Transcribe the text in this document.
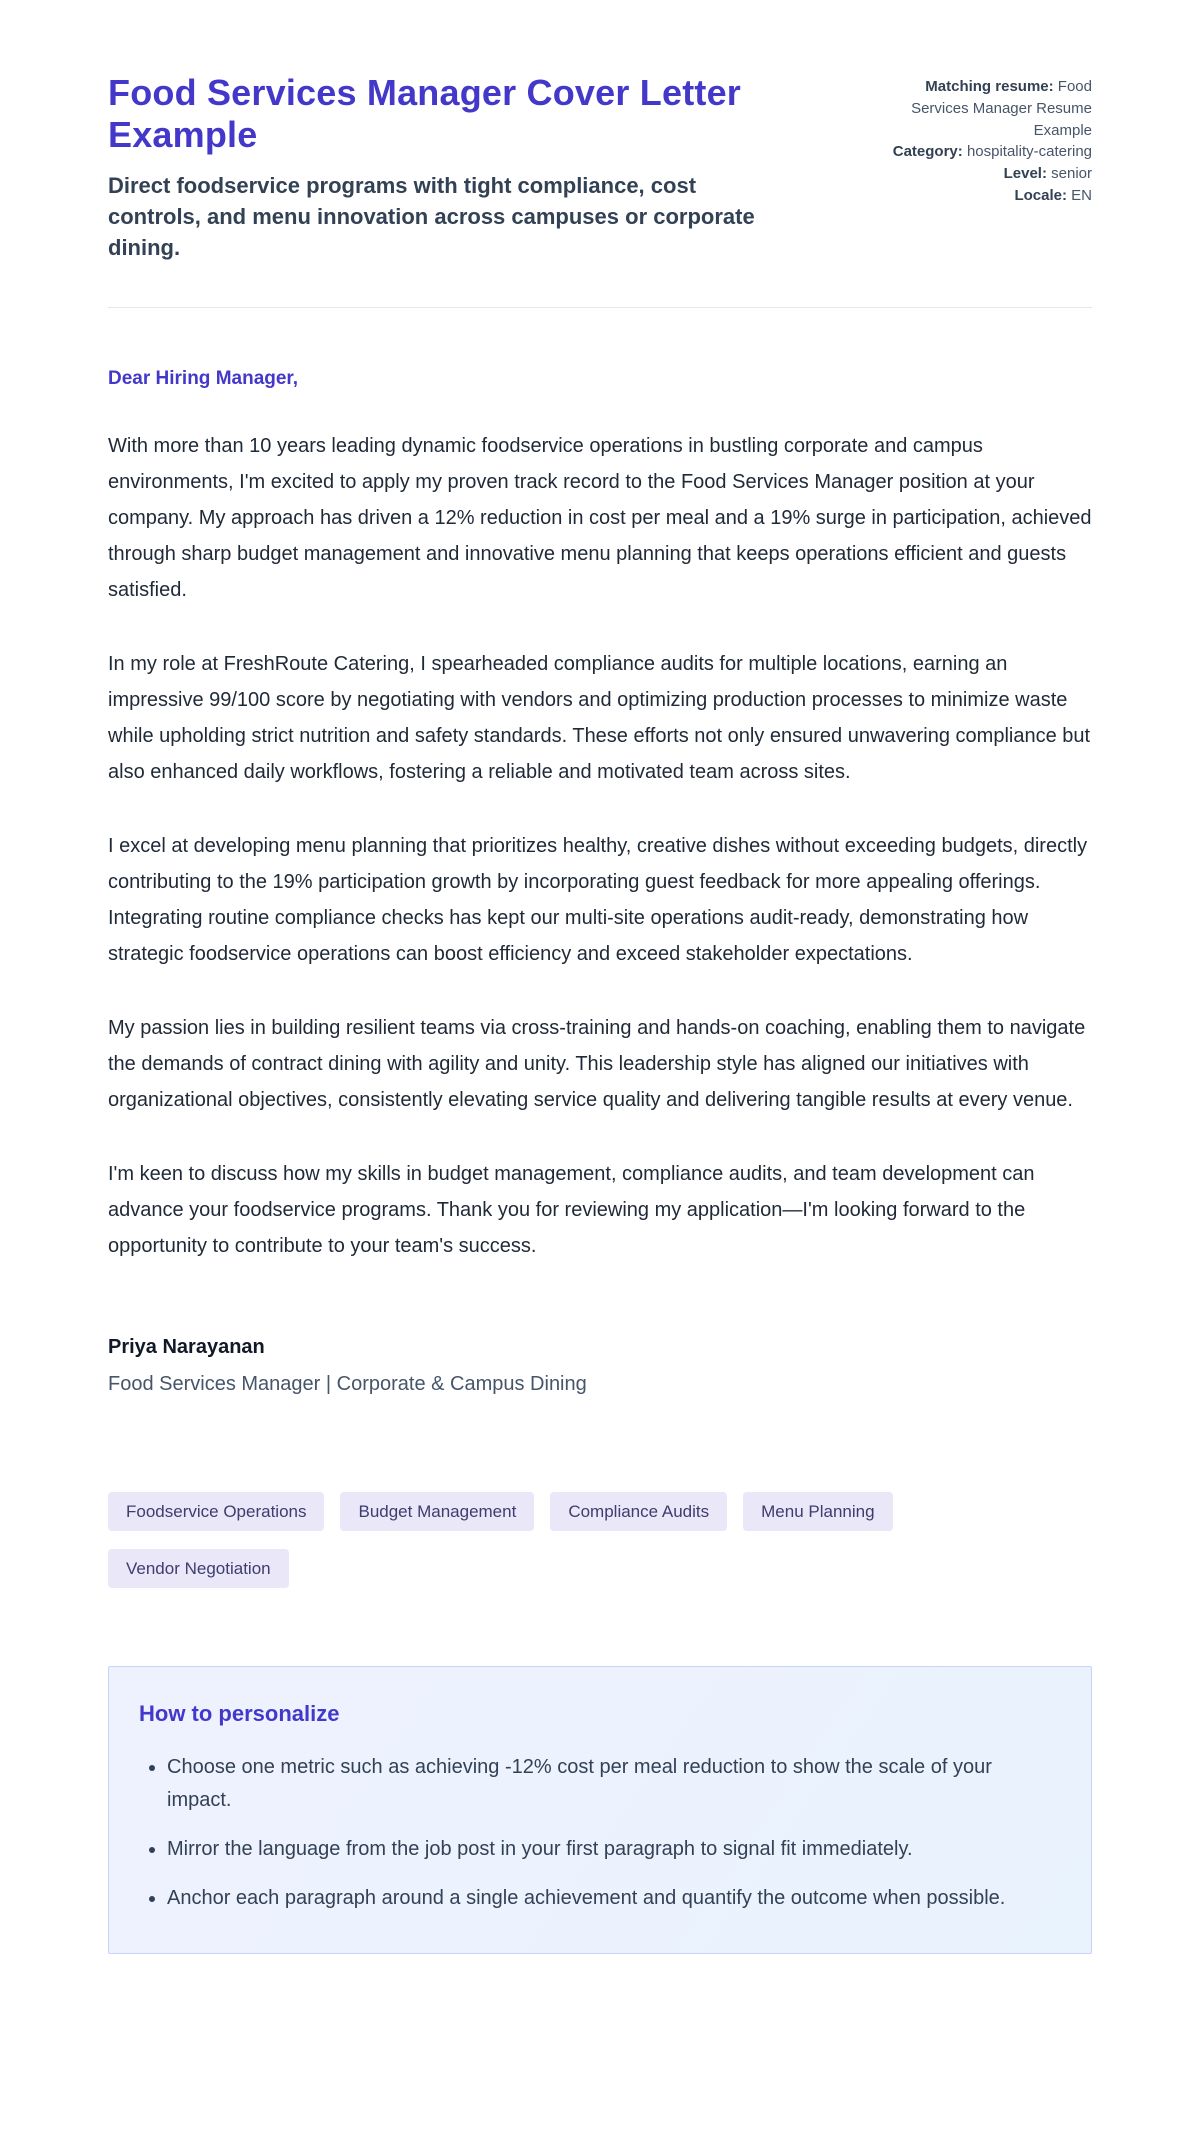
Food Services Manager Cover Letter Example

Direct foodservice programs with tight compliance, cost controls, and menu innovation across campuses or corporate dining.

Matching resume: Food Services Manager Resume Example
Category: hospitality-catering
Level: senior
Locale: EN

Dear Hiring Manager,

With more than 10 years leading dynamic foodservice operations in bustling corporate and campus environments, I'm excited to apply my proven track record to the Food Services Manager position at your company. My approach has driven a 12% reduction in cost per meal and a 19% surge in participation, achieved through sharp budget management and innovative menu planning that keeps operations efficient and guests satisfied.

In my role at FreshRoute Catering, I spearheaded compliance audits for multiple locations, earning an impressive 99/100 score by negotiating with vendors and optimizing production processes to minimize waste while upholding strict nutrition and safety standards. These efforts not only ensured unwavering compliance but also enhanced daily workflows, fostering a reliable and motivated team across sites.

I excel at developing menu planning that prioritizes healthy, creative dishes without exceeding budgets, directly contributing to the 19% participation growth by incorporating guest feedback for more appealing offerings. Integrating routine compliance checks has kept our multi-site operations audit-ready, demonstrating how strategic foodservice operations can boost efficiency and exceed stakeholder expectations.

My passion lies in building resilient teams via cross-training and hands-on coaching, enabling them to navigate the demands of contract dining with agility and unity. This leadership style has aligned our initiatives with organizational objectives, consistently elevating service quality and delivering tangible results at every venue.

I'm keen to discuss how my skills in budget management, compliance audits, and team development can advance your foodservice programs. Thank you for reviewing my application—I'm looking forward to the opportunity to contribute to your team's success.

Priya Narayanan

Food Services Manager | Corporate & Campus Dining

Foodservice Operations	Budget Management	Compliance Audits	Menu Planning
Vendor Negotiation
How to personalize
• Choose one metric such as achieving -12% cost per meal reduction to show the scale of your impact.
• Mirror the language from the job post in your first paragraph to signal fit immediately.
• Anchor each paragraph around a single achievement and quantify the outcome when possible.
